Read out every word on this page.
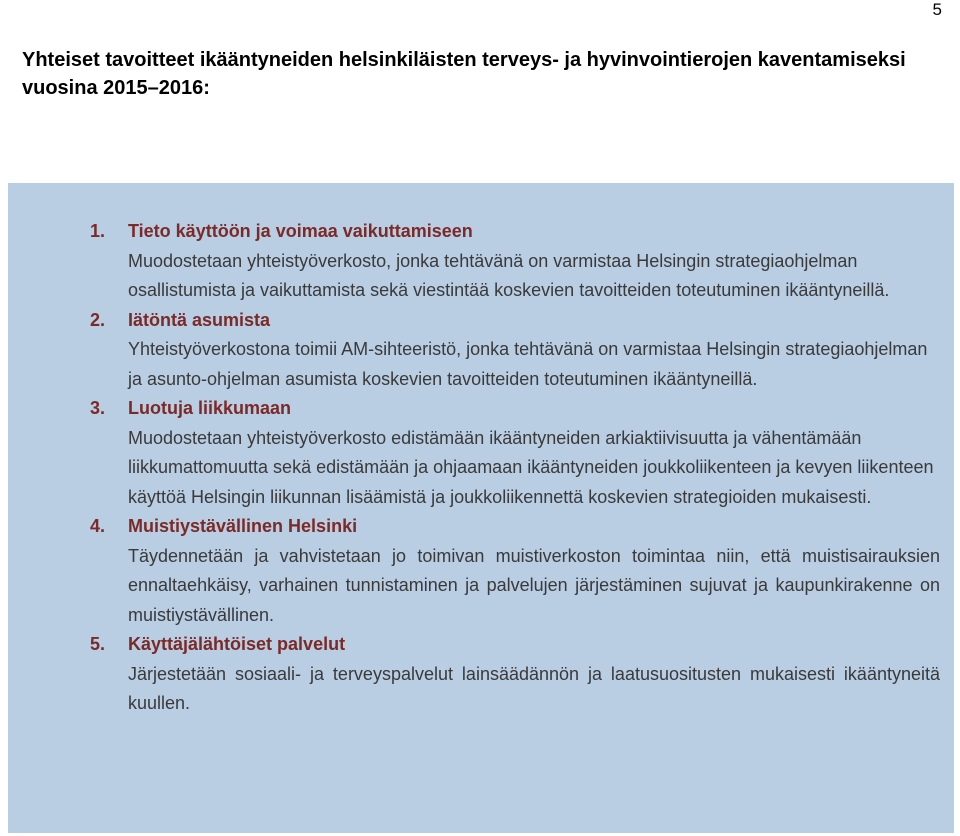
5
Yhteiset tavoitteet ikääntyneiden helsinkiläisten terveys- ja hyvinvointierojen kaventamiseksi vuosina 2015–2016:
1. Tieto käyttöön ja voimaa vaikuttamiseen
Muodostetaan yhteistyöverkosto, jonka tehtävänä on varmistaa Helsingin strategiaohjelman osallistumista ja vaikuttamista sekä viestintää koskevien tavoitteiden toteutuminen ikääntyneillä.
2. Iätöntä asumista
Yhteistyöverkostona toimii AM-sihteeristö, jonka tehtävänä on varmistaa Helsingin strategiaohjelman ja asunto-ohjelman asumista koskevien tavoitteiden toteutuminen ikääntyneillä.
3. Luotuja liikkumaan
Muodostetaan yhteistyöverkosto edistämään ikääntyneiden arkiaktiivisuutta ja vähentämään liikkumattomuutta sekä edistämään ja ohjaamaan ikääntyneiden joukkoliikenteen ja kevyen liikenteen käyttöä Helsingin liikunnan lisäämistä ja joukkoliikennettä koskevien strategioiden mukaisesti.
4. Muistiystävällinen Helsinki
Täydennetään ja vahvistetaan jo toimivan muistiverkoston toimintaa niin, että muistisairauksien ennaltaehkäisy, varhainen tunnistaminen ja palvelujen järjestäminen sujuvat ja kaupunkirakenne on muistiystävällinen.
5. Käyttäjälähtöiset palvelut
Järjestetään sosiaali- ja terveyspalvelut lainsäädännön ja laatusuositusten mukaisesti ikääntyneitä kuullen.
